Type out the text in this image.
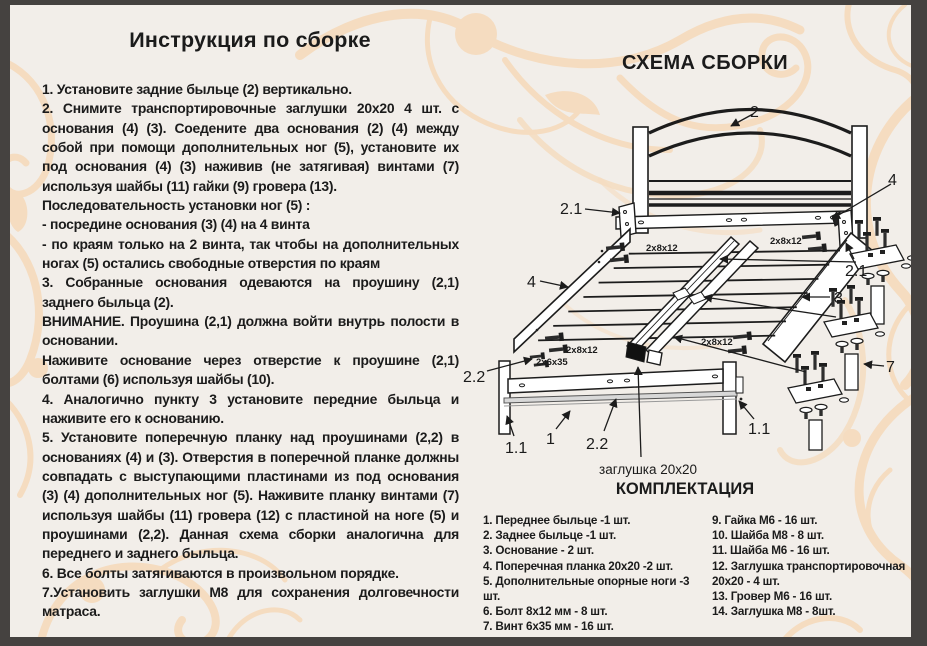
Инструкция по сборке

1. Установите задние быльце (2) вертикально.

2. Снимите транспортировочные заглушки 20х20 4 шт. с основания (4) (3). Соедените два основания (2) (4) между собой при помощи дополнительных ног (5), установите их под основания (4) (3) наживив (не затягивая) винтами (7) используя шайбы (11) гайки (9) гровера (13).

Последовательность установки ног (5) :

- посредине основания (3) (4) на 4 винта

- по краям только на 2 винта, так чтобы на дополнительных ногах (5) остались свободные отверстия по краям

3. Собранные основания одеваются на проушину (2,1) заднего быльца (2).

ВНИМАНИЕ. Проушина (2,1) должна войти внутрь полости в основании.

Наживите основание через отверстие к проушине (2,1) болтами (6) используя шайбы (10).

4. Аналогично пункту 3 установите передние быльца и наживите его к основанию.

5. Установите поперечную планку над проушинами (2,2) в основаниях (4) и (3). Отверстия в поперечной планке должны совпадать с выступающими пластинами из под основания (3) (4) дополнительных ног (5). Наживите планку винтами (7) используя шайбы (11) гровера (12) с пластиной на ноге (5) и проушинами (2,2). Данная схема сборки аналогична для переднего и заднего быльца.

6. Все болты затягиваются в произвольном порядке.

7.Установить заглушки М8 для сохранения долговечности матраса.

СХЕМА СБОРКИ
КОМПЛЕКТАЦИЯ
1. Переднее быльце -1 шт.
2. Заднее быльце -1 шт.
3. Основание - 2 шт.
4. Поперечная планка 20х20 -2 шт.
5. Дополнительные опорные ноги -3 шт.
6. Болт 8х12 мм - 8 шт.
7. Винт 6х35 мм - 16 шт.
9. Гайка М6 - 16 шт.
10. Шайба М8 - 8 шт.
11. Шайба М6 - 16 шт.
12. Заглушка транспортировочная 20х20 - 4 шт.
13. Гровер М6 - 16 шт.
14. Заглушка М8 - 8шт.
2
4
2.1
2.1
4
3
7
2.2
1.1
1 2.2
1.1
2х8х12
2х8х12
2х8х12
2х6х35
2х8х12
заглушка 20х20
